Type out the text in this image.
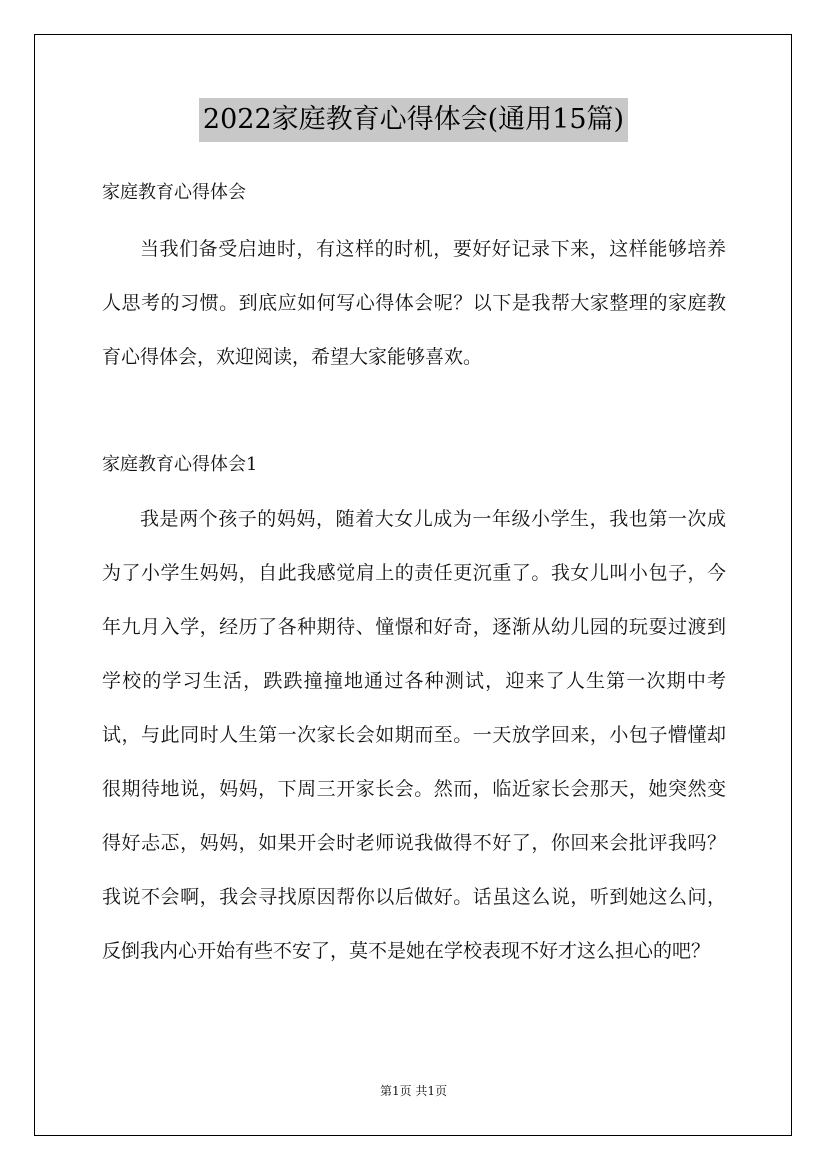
2022家庭教育心得体会(通用15篇)
家庭教育心得体会

当我们备受启迪时，有这样的时机，要好好记录下来，这样能够培养人思考的习惯。到底应如何写心得体会呢？以下是我帮大家整理的家庭教育心得体会，欢迎阅读，希望大家能够喜欢。

家庭教育心得体会1

我是两个孩子的妈妈，随着大女儿成为一年级小学生，我也第一次成为了小学生妈妈，自此我感觉肩上的责任更沉重了。我女儿叫小包子，今年九月入学，经历了各种期待、憧憬和好奇，逐渐从幼儿园的玩耍过渡到学校的学习生活，跌跌撞撞地通过各种测试，迎来了人生第一次期中考试，与此同时人生第一次家长会如期而至。一天放学回来，小包子懵懂却很期待地说，妈妈，下周三开家长会。然而，临近家长会那天，她突然变得好忐忑，妈妈，如果开会时老师说我做得不好了，你回来会批评我吗？我说不会啊，我会寻找原因帮你以后做好。话虽这么说，听到她这么问，反倒我内心开始有些不安了，莫不是她在学校表现不好才这么担心的吧？

第1页 共1页
